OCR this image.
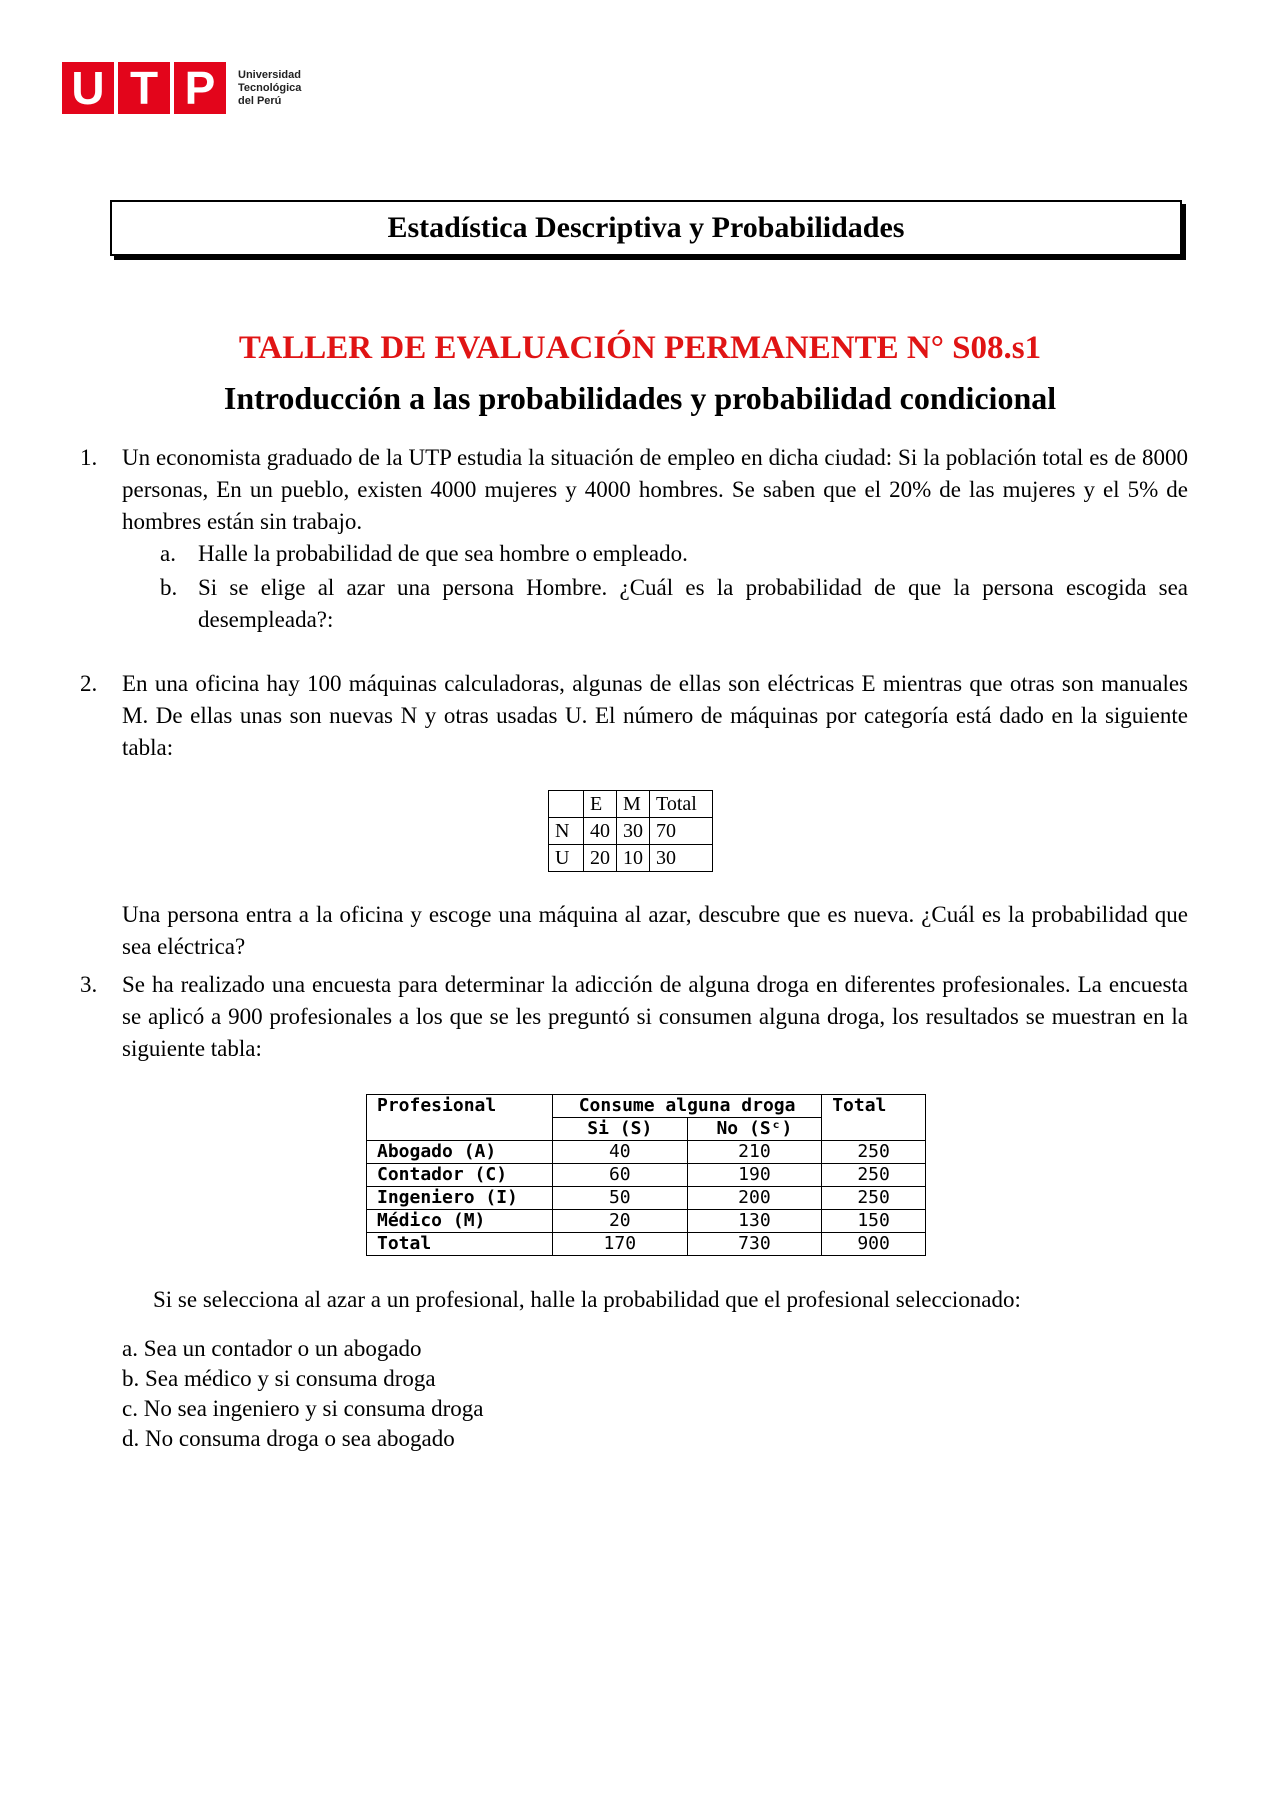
U T P	Universidad
Tecnológica
del Perú
Estadística Descriptiva y Probabilidades
TALLER DE EVALUACIÓN PERMANENTE N° S08.s1
Introducción a las probabilidades y probabilidad condicional
1. Un economista graduado de la UTP estudia la situación de empleo en dicha ciudad: Si la población total es de 8000 personas, En un pueblo, existen 4000 mujeres y 4000 hombres. Se saben que el 20% de las mujeres y el 5% de hombres están sin trabajo.
a. Halle la probabilidad de que sea hombre o empleado.
b. Si se elige al azar una persona Hombre. ¿Cuál es la probabilidad de que la persona escogida sea desempleada?:
2. En una oficina hay 100 máquinas calculadoras, algunas de ellas son eléctricas E mientras que otras son manuales M. De ellas unas son nuevas N y otras usadas U. El número de máquinas por categoría está dado en la siguiente tabla:
	E	M	Total
N	40	30	70
U	20	10	30
Una persona entra a la oficina y escoge una máquina al azar, descubre que es nueva. ¿Cuál es la probabilidad que sea eléctrica?
3. Se ha realizado una encuesta para determinar la adicción de alguna droga en diferentes profesionales. La encuesta se aplicó a 900 profesionales a los que se les preguntó si consumen alguna droga, los resultados se muestran en la siguiente tabla:
Profesional	Consume alguna droga		Total
	Si (S)	No (Sᶜ)	
Abogado (A)	40	210	250
Contador (C)	60	190	250
Ingeniero (I)	50	200	250
Médico (M)	20	130	150
Total	170	730	900
Si se selecciona al azar a un profesional, halle la probabilidad que el profesional seleccionado:
a. Sea un contador o un abogado
b. Sea médico y si consuma droga
c. No sea ingeniero y si consuma droga
d. No consuma droga o sea abogado
